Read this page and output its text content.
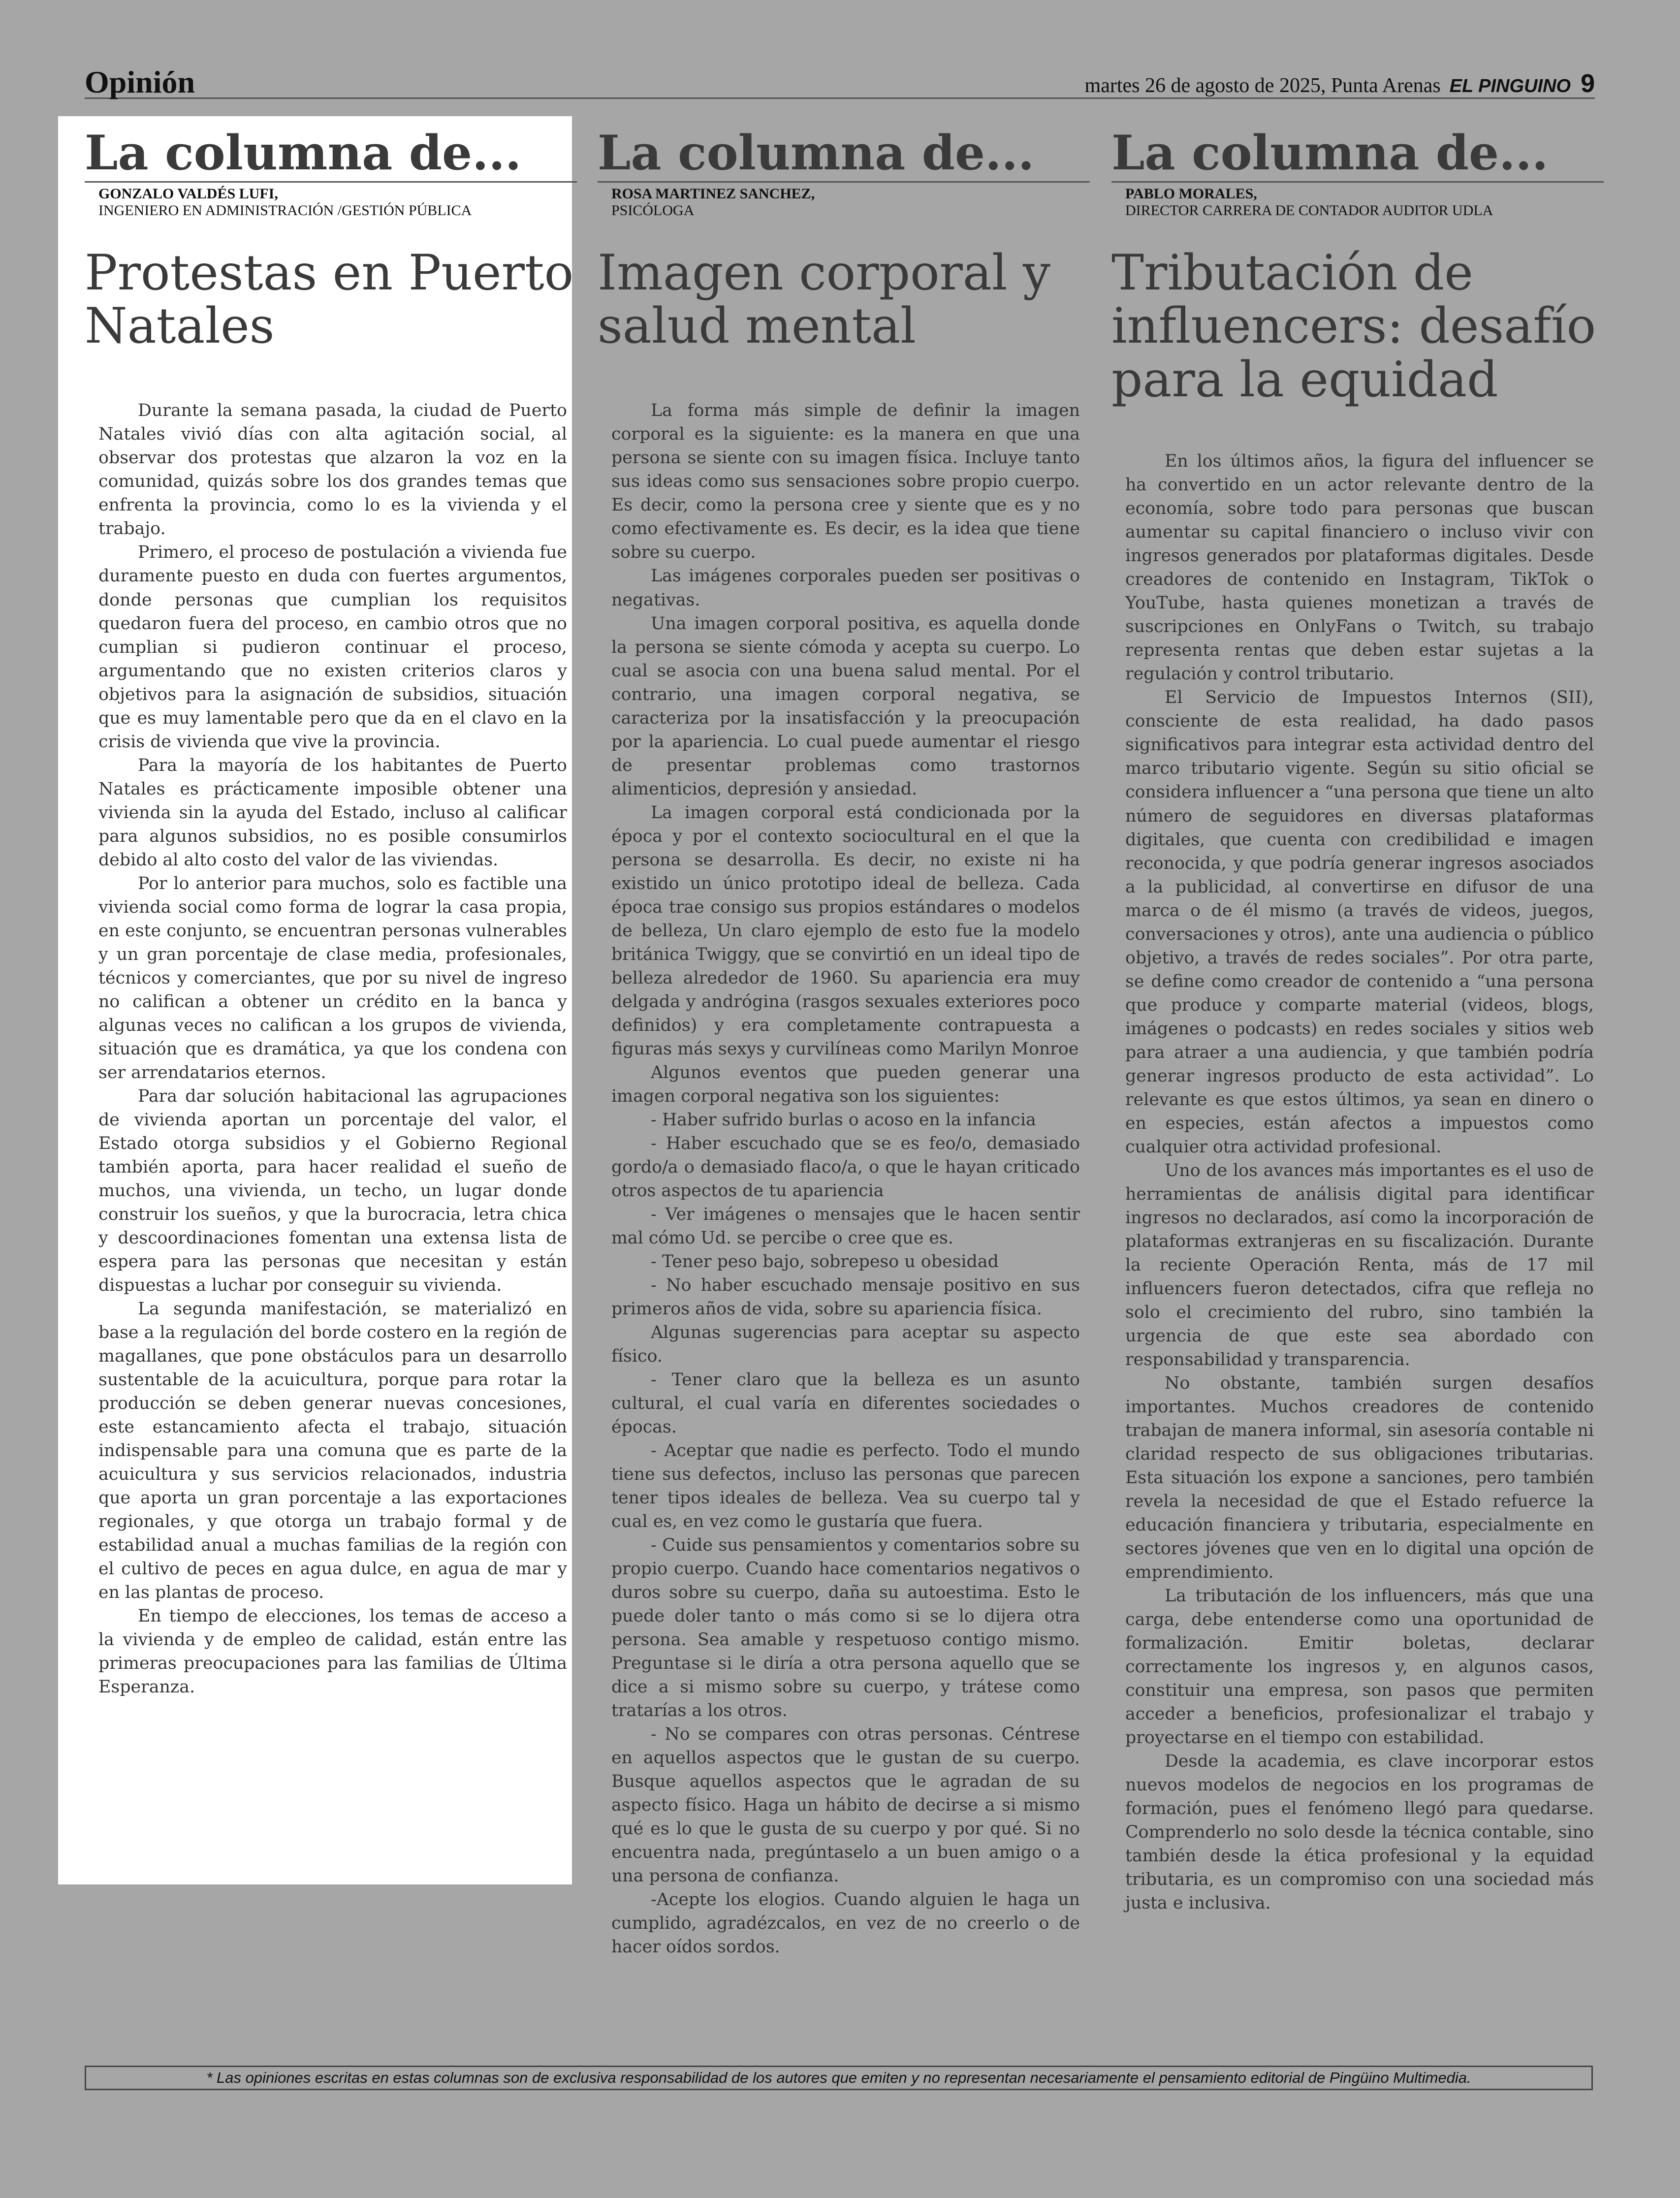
Opinión	martes 26 de agosto de 2025, Punta Arenas EL PINGUINO 9
La columna de...
GONZALO VALDÉS LUFI,
INGENIERO EN ADMINISTRACIÓN /GESTIÓN PÚBLICA
Protestas en Puerto Natales

Durante la semana pasada, la ciudad de Puerto Natales vivió días con alta agitación social, al observar dos protestas que alzaron la voz en la comunidad, quizás sobre los dos grandes temas que enfrenta la provincia, como lo es la vivienda y el trabajo.

Primero, el proceso de postulación a vivienda fue duramente puesto en duda con fuertes argumentos, donde personas que cumplian los requisitos quedaron fuera del proceso, en cambio otros que no cumplian si pudieron continuar el proceso, argumentando que no existen criterios claros y objetivos para la asignación de subsidios, situación que es muy lamentable pero que da en el clavo en la crisis de vivienda que vive la provincia.

Para la mayoría de los habitantes de Puerto Natales es prácticamente imposible obtener una vivienda sin la ayuda del Estado, incluso al calificar para algunos subsidios, no es posible consumirlos debido al alto costo del valor de las viviendas.

Por lo anterior para muchos, solo es factible una vivienda social como forma de lograr la casa propia, en este conjunto, se encuentran personas vulnerables y un gran porcentaje de clase media, profesionales, técnicos y comerciantes, que por su nivel de ingreso no califican a obtener un crédito en la banca y algunas veces no califican a los grupos de vivienda, situación que es dramática, ya que los condena con ser arrendatarios eternos.

Para dar solución habitacional las agrupaciones de vivienda aportan un porcentaje del valor, el Estado otorga subsidios y el Gobierno Regional también aporta, para hacer realidad el sueño de muchos, una vivienda, un techo, un lugar donde construir los sueños, y que la burocracia, letra chica y descoordinaciones fomentan una extensa lista de espera para las personas que necesitan y están dispuestas a luchar por conseguir su vivienda.

La segunda manifestación, se materializó en base a la regulación del borde costero en la región de magallanes, que pone obstáculos para un desarrollo sustentable de la acuicultura, porque para rotar la producción se deben generar nuevas concesiones, este estancamiento afecta el trabajo, situación indispensable para una comuna que es parte de la acuicultura y sus servicios relacionados, industria que aporta un gran porcentaje a las exportaciones regionales, y que otorga un trabajo formal y de estabilidad anual a muchas familias de la región con el cultivo de peces en agua dulce, en agua de mar y en las plantas de proceso.

En tiempo de elecciones, los temas de acceso a la vivienda y de empleo de calidad, están entre las primeras preocupaciones para las familias de Última Esperanza.

La columna de...
ROSA MARTINEZ SANCHEZ,
PSICÓLOGA
Imagen corporal y salud mental

La forma más simple de definir la imagen corporal es la siguiente: es la manera en que una persona se siente con su imagen física. Incluye tanto sus ideas como sus sensaciones sobre propio cuerpo. Es decir, como la persona cree y siente que es y no como efectivamente es. Es decir, es la idea que tiene sobre su cuerpo.

Las imágenes corporales pueden ser positivas o negativas.

Una imagen corporal positiva, es aquella donde la persona se siente cómoda y acepta su cuerpo. Lo cual se asocia con una buena salud mental. Por el contrario, una imagen corporal negativa, se caracteriza por la insatisfacción y la preocupación por la apariencia. Lo cual puede aumentar el riesgo de presentar problemas como trastornos alimenticios, depresión y ansiedad.

La imagen corporal está condicionada por la época y por el contexto sociocultural en el que la persona se desarrolla. Es decir, no existe ni ha existido un único prototipo ideal de belleza. Cada época trae consigo sus propios estándares o modelos de belleza, Un claro ejemplo de esto fue la modelo británica Twiggy, que se convirtió en un ideal tipo de belleza alrededor de 1960. Su apariencia era muy delgada y andrógina (rasgos sexuales exteriores poco definidos) y era completamente contrapuesta a figuras más sexys y curvilíneas como Marilyn Monroe

Algunos eventos que pueden generar una imagen corporal negativa son los siguientes:

- Haber sufrido burlas o acoso en la infancia

- Haber escuchado que se es feo/o, demasiado gordo/a o demasiado flaco/a, o que le hayan criticado otros aspectos de tu apariencia

- Ver imágenes o mensajes que le hacen sentir mal cómo Ud. se percibe o cree que es.

- Tener peso bajo, sobrepeso u obesidad

- No haber escuchado mensaje positivo en sus primeros años de vida, sobre su apariencia física.

Algunas sugerencias para aceptar su aspecto físico.

- Tener claro que la belleza es un asunto cultural, el cual varía en diferentes sociedades o épocas.

- Aceptar que nadie es perfecto. Todo el mundo tiene sus defectos, incluso las personas que parecen tener tipos ideales de belleza. Vea su cuerpo tal y cual es, en vez como le gustaría que fuera.

- Cuide sus pensamientos y comentarios sobre su propio cuerpo. Cuando hace comentarios negativos o duros sobre su cuerpo, daña su autoestima. Esto le puede doler tanto o más como si se lo dijera otra persona. Sea amable y respetuoso contigo mismo. Preguntase si le diría a otra persona aquello que se dice a si mismo sobre su cuerpo, y trátese como tratarías a los otros.

- No se compares con otras personas. Céntrese en aquellos aspectos que le gustan de su cuerpo. Busque aquellos aspectos que le agradan de su aspecto físico. Haga un hábito de decirse a si mismo qué es lo que le gusta de su cuerpo y por qué. Si no encuentra nada, pregúntaselo a un buen amigo o a una persona de confianza.

-Acepte los elogios. Cuando alguien le haga un cumplido, agradézcalos, en vez de no creerlo o de hacer oídos sordos.

La columna de...
PABLO MORALES,
DIRECTOR CARRERA DE CONTADOR AUDITOR UDLA
Tributación de influencers: desafío para la equidad

En los últimos años, la figura del influencer se ha convertido en un actor relevante dentro de la economía, sobre todo para personas que buscan aumentar su capital financiero o incluso vivir con ingresos generados por plataformas digitales. Desde creadores de contenido en Instagram, TikTok o YouTube, hasta quienes monetizan a través de suscripciones en OnlyFans o Twitch, su trabajo representa rentas que deben estar sujetas a la regulación y control tributario.

El Servicio de Impuestos Internos (SII), consciente de esta realidad, ha dado pasos significativos para integrar esta actividad dentro del marco tributario vigente. Según su sitio oficial se considera influencer a “una persona que tiene un alto número de seguidores en diversas plataformas digitales, que cuenta con credibilidad e imagen reconocida, y que podría generar ingresos asociados a la publicidad, al convertirse en difusor de una marca o de él mismo (a través de videos, juegos, conversaciones y otros), ante una audiencia o público objetivo, a través de redes sociales”. Por otra parte, se define como creador de contenido a “una persona que produce y comparte material (videos, blogs, imágenes o podcasts) en redes sociales y sitios web para atraer a una audiencia, y que también podría generar ingresos producto de esta actividad”. Lo relevante es que estos últimos, ya sean en dinero o en especies, están afectos a impuestos como cualquier otra actividad profesional.

Uno de los avances más importantes es el uso de herramientas de análisis digital para identificar ingresos no declarados, así como la incorporación de plataformas extranjeras en su fiscalización. Durante la reciente Operación Renta, más de 17 mil influencers fueron detectados, cifra que refleja no solo el crecimiento del rubro, sino también la urgencia de que este sea abordado con responsabilidad y transparencia.

No obstante, también surgen desafíos importantes. Muchos creadores de contenido trabajan de manera informal, sin asesoría contable ni claridad respecto de sus obligaciones tributarias. Esta situación los expone a sanciones, pero también revela la necesidad de que el Estado refuerce la educación financiera y tributaria, especialmente en sectores jóvenes que ven en lo digital una opción de emprendimiento.

La tributación de los influencers, más que una carga, debe entenderse como una oportunidad de formalización. Emitir boletas, declarar correctamente los ingresos y, en algunos casos, constituir una empresa, son pasos que permiten acceder a beneficios, profesionalizar el trabajo y proyectarse en el tiempo con estabilidad.

Desde la academia, es clave incorporar estos nuevos modelos de negocios en los programas de formación, pues el fenómeno llegó para quedarse. Comprenderlo no solo desde la técnica contable, sino también desde la ética profesional y la equidad tributaria, es un compromiso con una sociedad más justa e inclusiva.

* Las opiniones escritas en estas columnas son de exclusiva responsabilidad de los autores que emiten y no representan necesariamente el pensamiento editorial de Pingüino Multimedia.
